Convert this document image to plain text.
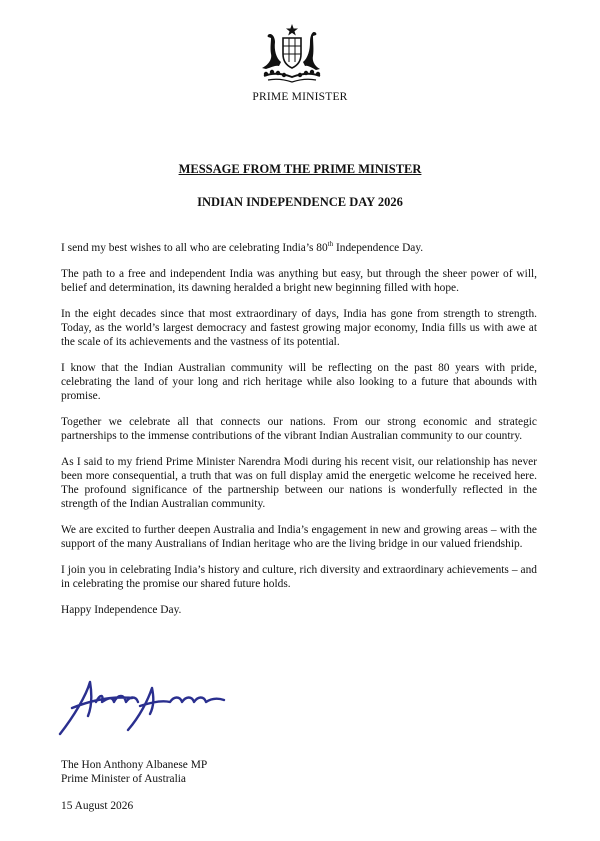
PRIME MINISTER
MESSAGE FROM THE PRIME MINISTER
INDIAN INDEPENDENCE DAY 2026

I send my best wishes to all who are celebrating India’s 80th Independence Day.

The path to a free and independent India was anything but easy, but through the sheer power of will, belief and determination, its dawning heralded a bright new beginning filled with hope.

In the eight decades since that most extraordinary of days, India has gone from strength to strength. Today, as the world’s largest democracy and fastest growing major economy, India fills us with awe at the scale of its achievements and the vastness of its potential.

I know that the Indian Australian community will be reflecting on the past 80 years with pride, celebrating the land of your long and rich heritage while also looking to a future that abounds with promise.

Together we celebrate all that connects our nations. From our strong economic and strategic partnerships to the immense contributions of the vibrant Indian Australian community to our country.

As I said to my friend Prime Minister Narendra Modi during his recent visit, our relationship has never been more consequential, a truth that was on full display amid the energetic welcome he received here. The profound significance of the partnership between our nations is wonderfully reflected in the strength of the Indian Australian community.

We are excited to further deepen Australia and India’s engagement in new and growing areas – with the support of the many Australians of Indian heritage who are the living bridge in our valued friendship.

I join you in celebrating India’s history and culture, rich diversity and extraordinary achievements – and in celebrating the promise our shared future holds.

Happy Independence Day.

The Hon Anthony Albanese MP
Prime Minister of Australia
15 August 2026
